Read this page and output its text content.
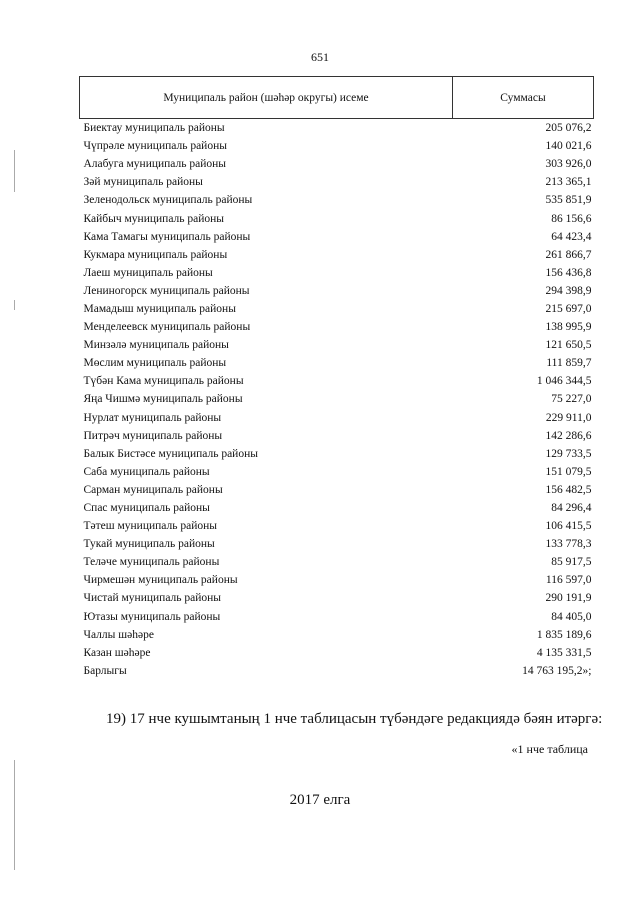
651
Муниципаль район (шәһәр округы) исеме	Суммасы
Биектау муниципаль районы	205 076,2
Чүпрәле муниципаль районы	140 021,6
Алабуга муниципаль районы	303 926,0
Зәй муниципаль районы	213 365,1
Зеленодольск муниципаль районы	535 851,9
Кайбыч муниципаль районы	86 156,6
Кама Тамагы муниципаль районы	64 423,4
Кукмара муниципаль районы	261 866,7
Лаеш муниципаль районы	156 436,8
Лениногорск муниципаль районы	294 398,9
Мамадыш муниципаль районы	215 697,0
Менделеевск муниципаль районы	138 995,9
Минзәлә муниципаль районы	121 650,5
Мөслим муниципаль районы	111 859,7
Түбән Кама муниципаль районы	1 046 344,5
Яңа Чишмә муниципаль районы	75 227,0
Нурлат муниципаль районы	229 911,0
Питрәч муниципаль районы	142 286,6
Балык Бистәсе муниципаль районы	129 733,5
Саба муниципаль районы	151 079,5
Сарман муниципаль районы	156 482,5
Спас муниципаль районы	84 296,4
Тәтеш муниципаль районы	106 415,5
Тукай муниципаль районы	133 778,3
Теләче муниципаль районы	85 917,5
Чирмешән муниципаль районы	116 597,0
Чистай муниципаль районы	290 191,9
Ютазы муниципаль районы	84 405,0
Чаллы шәһәре	1 835 189,6
Казан шәһәре	4 135 331,5
Барлыгы	14 763 195,2»;
19) 17 нче кушымтаның 1 нче таблицасын түбәндәге редакциядә бәян итәргә:
«1 нче таблица
2017 елга
